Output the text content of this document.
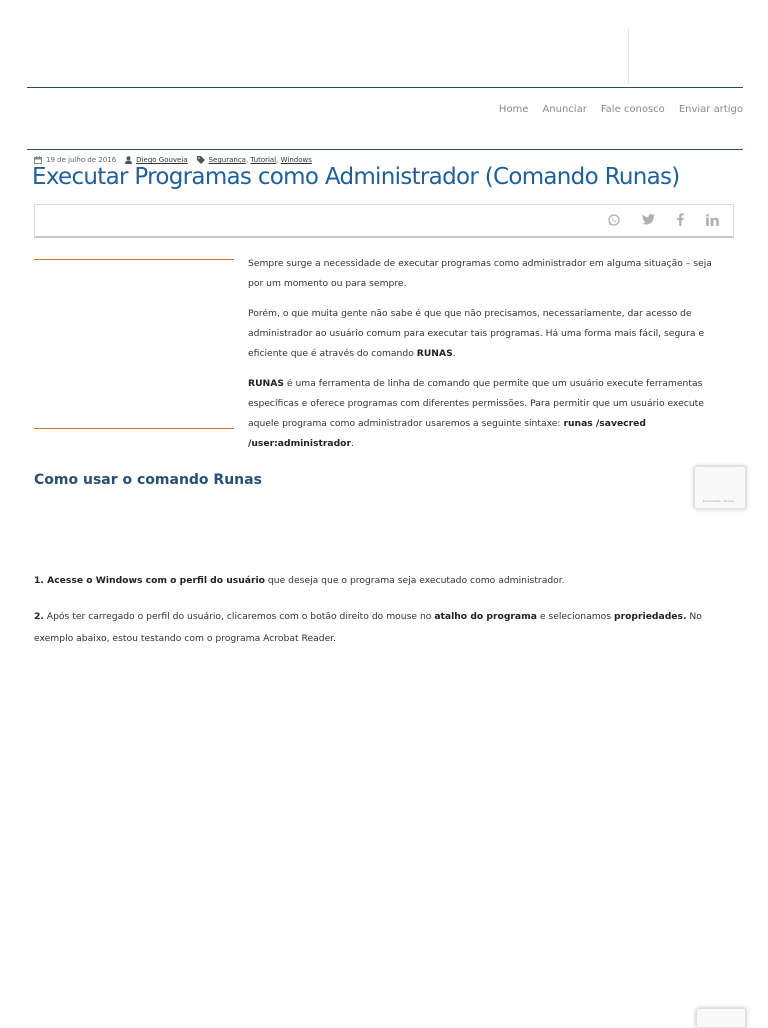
Home Anunciar Fale conosco Enviar artigo
19 de julho de 2016	Diego Gouveia	Segurança, Tutorial, Windows
Executar Programas como Administrador (Comando Runas)

Sempre surge a necessidade de executar programas como administrador em alguma situação – seja por um momento ou para sempre.

Porém, o que muita gente não sabe é que que não precisamos, necessariamente, dar acesso de administrador ao usuário comum para executar tais programas. Há uma forma mais fácil, segura e eficiente que é através do comando RUNAS.

RUNAS é uma ferramenta de linha de comando que permite que um usuário execute ferramentas específicas e oferece programas com diferentes permissões. Para permitir que um usuário execute aquele programa como administrador usaremos a seguinte sintaxe: runas /savecred /user:administrador.

Como usar o comando Runas
Privacidade - Termos

1. Acesse o Windows com o perfil do usuário que deseja que o programa seja executado como administrador.

2. Após ter carregado o perfil do usuário, clicaremos com o botão direito do mouse no atalho do programa e selecionamos propriedades. No exemplo abaixo, estou testando com o programa Acrobat Reader.
